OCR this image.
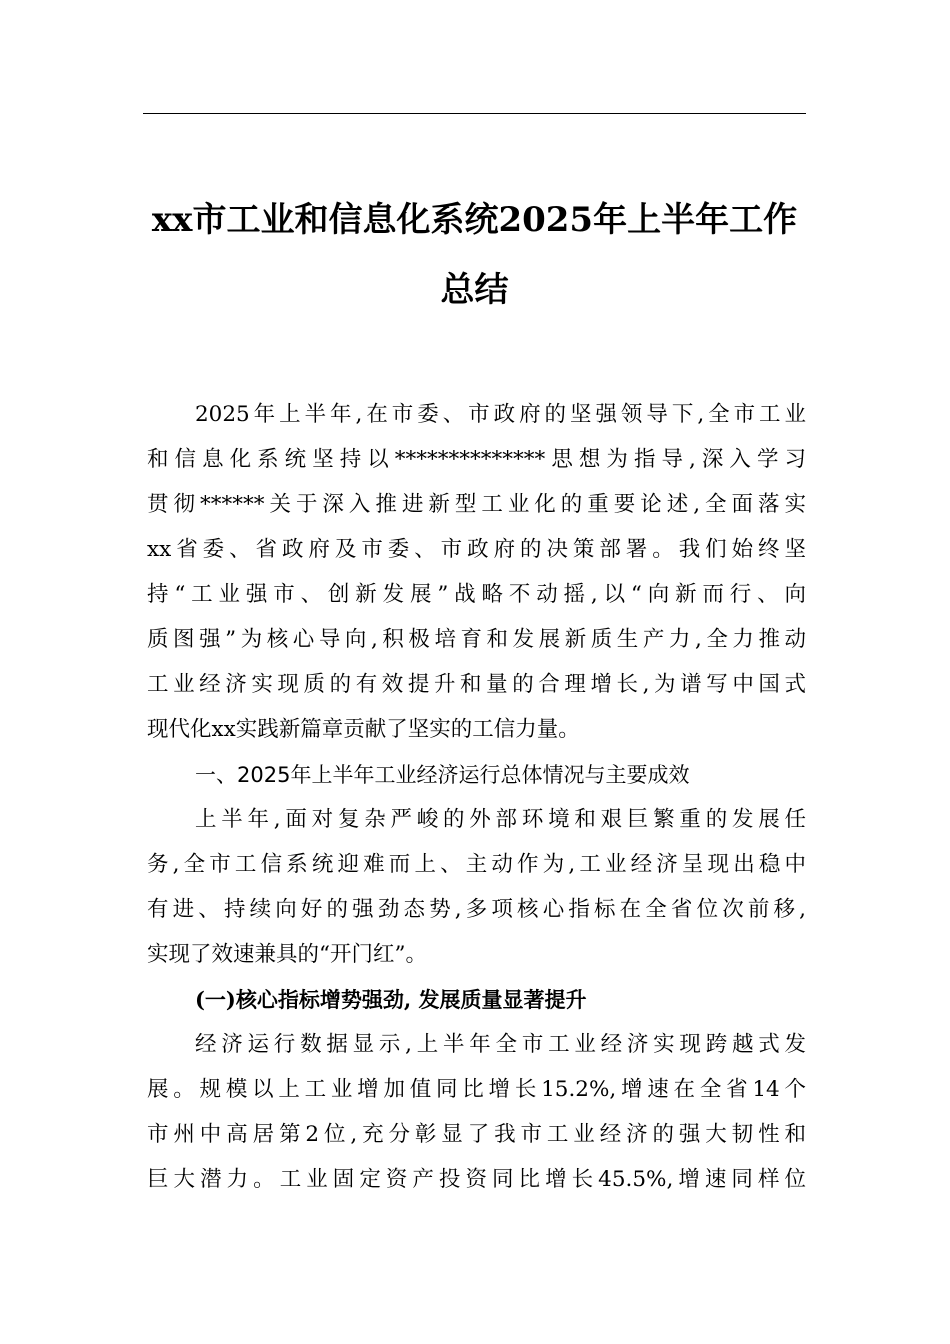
xx市工业和信息化系统2025年上半年工作
总结
2025年上半年,在市委、市政府的坚强领导下,全市工业
和信息化系统坚持以**************思想为指导,深入学习
贯彻******关于深入推进新型工业化的重要论述,全面落实
xx省委、省政府及市委、市政府的决策部署。我们始终坚
持“工业强市、创新发展”战略不动摇,以“向新而行、向
质图强”为核心导向,积极培育和发展新质生产力,全力推动
工业经济实现质的有效提升和量的合理增长,为谱写中国式
现代化xx实践新篇章贡献了坚实的工信力量。
一、2025年上半年工业经济运行总体情况与主要成效
上半年,面对复杂严峻的外部环境和艰巨繁重的发展任
务,全市工信系统迎难而上、主动作为,工业经济呈现出稳中
有进、持续向好的强劲态势,多项核心指标在全省位次前移,
实现了效速兼具的“开门红”。
(一)核心指标增势强劲, 发展质量显著提升
经济运行数据显示,上半年全市工业经济实现跨越式发
展。规模以上工业增加值同比增长15.2%,增速在全省14个
市州中高居第2位,充分彰显了我市工业经济的强大韧性和
巨大潜力。工业固定资产投资同比增长45.5%,增速同样位
